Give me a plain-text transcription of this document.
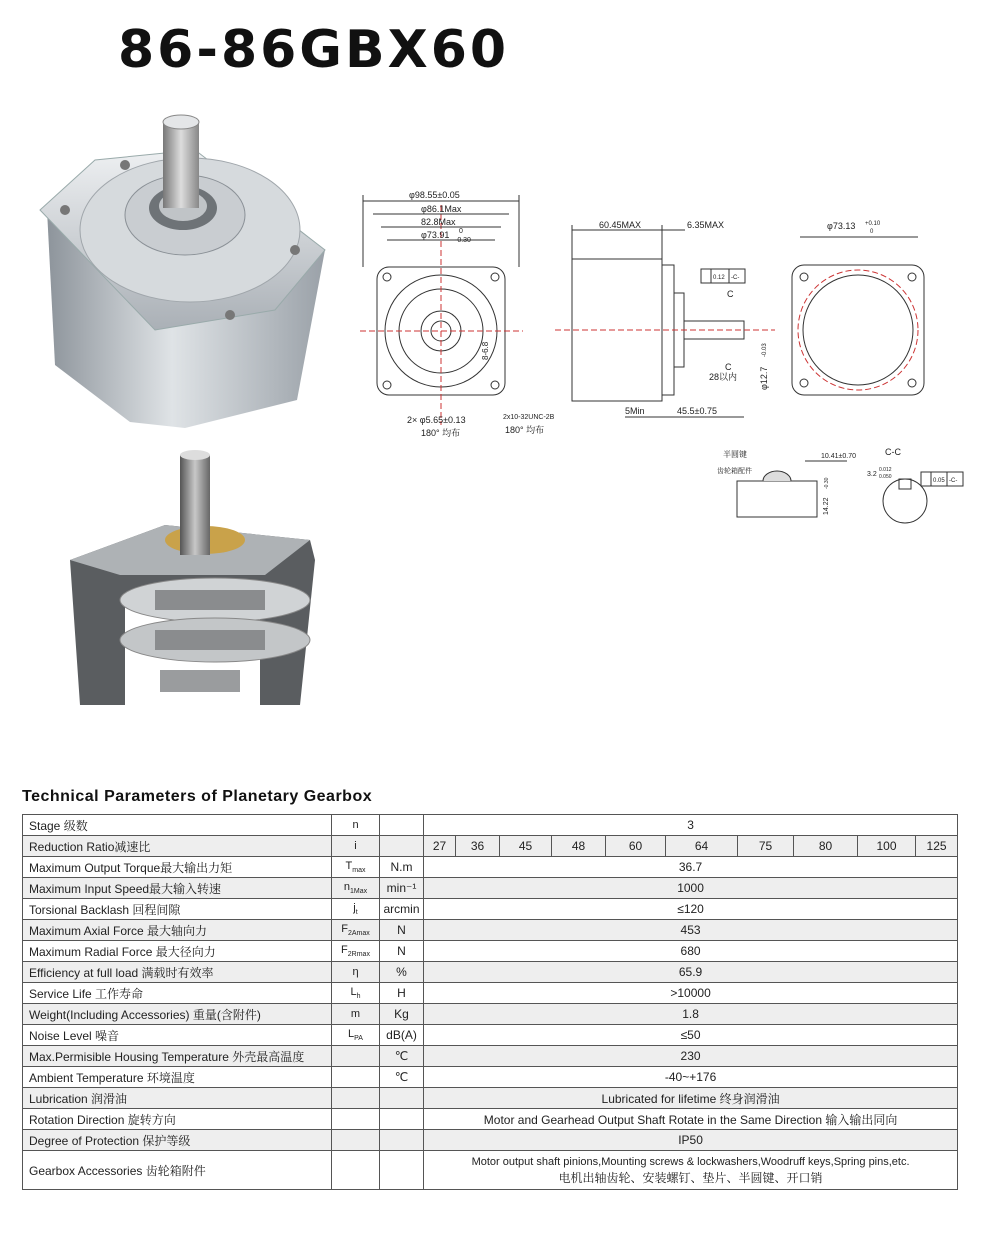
86-86GBX60
φ98.55±0.05
φ86.1Max
82.8Max
φ73.91 0
-0.30
8-6.8
2× φ5.65±0.13
180° 均布
2x10-32UNC-2B
180° 均布
60.45MAX	6.35MAX
5Min	45.5±0.75
28以内 φ12.7
-0.03
C
C
0.12 -C-
φ73.13 +0.10
0
半圆键
齿轮箱配件
10.41±0.70
14.22
-0.30
C-C
3.2
0.012
0.050
0.05 -C-
Technical Parameters of Planetary Gearbox
Stage 级数	n		3									
Reduction Ratio减速比	i		27	36	45	48	60	64	75	80	100	125
Maximum Output Torque最大输出力矩	$T_{max}$	N.m	36.7									
Maximum Input Speed最大输入转速	$n_{1Max}$	min⁻¹	1000									
Torsional Backlash 回程间隙	$j_t$	arcmin	≤120									
Maximum Axial Force 最大轴向力	$F_{2Amax}$	N	453									
Maximum Radial Force 最大径向力	$F_{2Rmax}$	N	680									
Efficiency at full load 满载时有效率	η	%	65.9									
Service Life 工作寿命	$L_h$	H	>10000									
Weight(Including Accessories) 重量(含附件)	m	Kg	1.8									
Noise Level 噪音	$L_{PA}$	dB(A)	≤50									
Max.Permisible Housing Temperature 外壳最高温度		℃	230									
Ambient Temperature 环境温度		℃	-40~+176									
Lubrication 润滑油			Lubricated for lifetime 终身润滑油									
Rotation Direction 旋转方向			Motor and Gearhead Output Shaft Rotate in the Same Direction 输入输出同向									
Degree of Protection 保护等级			IP50									
Gearbox Accessories 齿轮箱附件			Motor output shaft pinions,Mounting screws & lockwashers,Woodruff keys,Spring pins,etc.
电机出轴齿轮、安装螺钉、垫片、半圆键、开口销									
